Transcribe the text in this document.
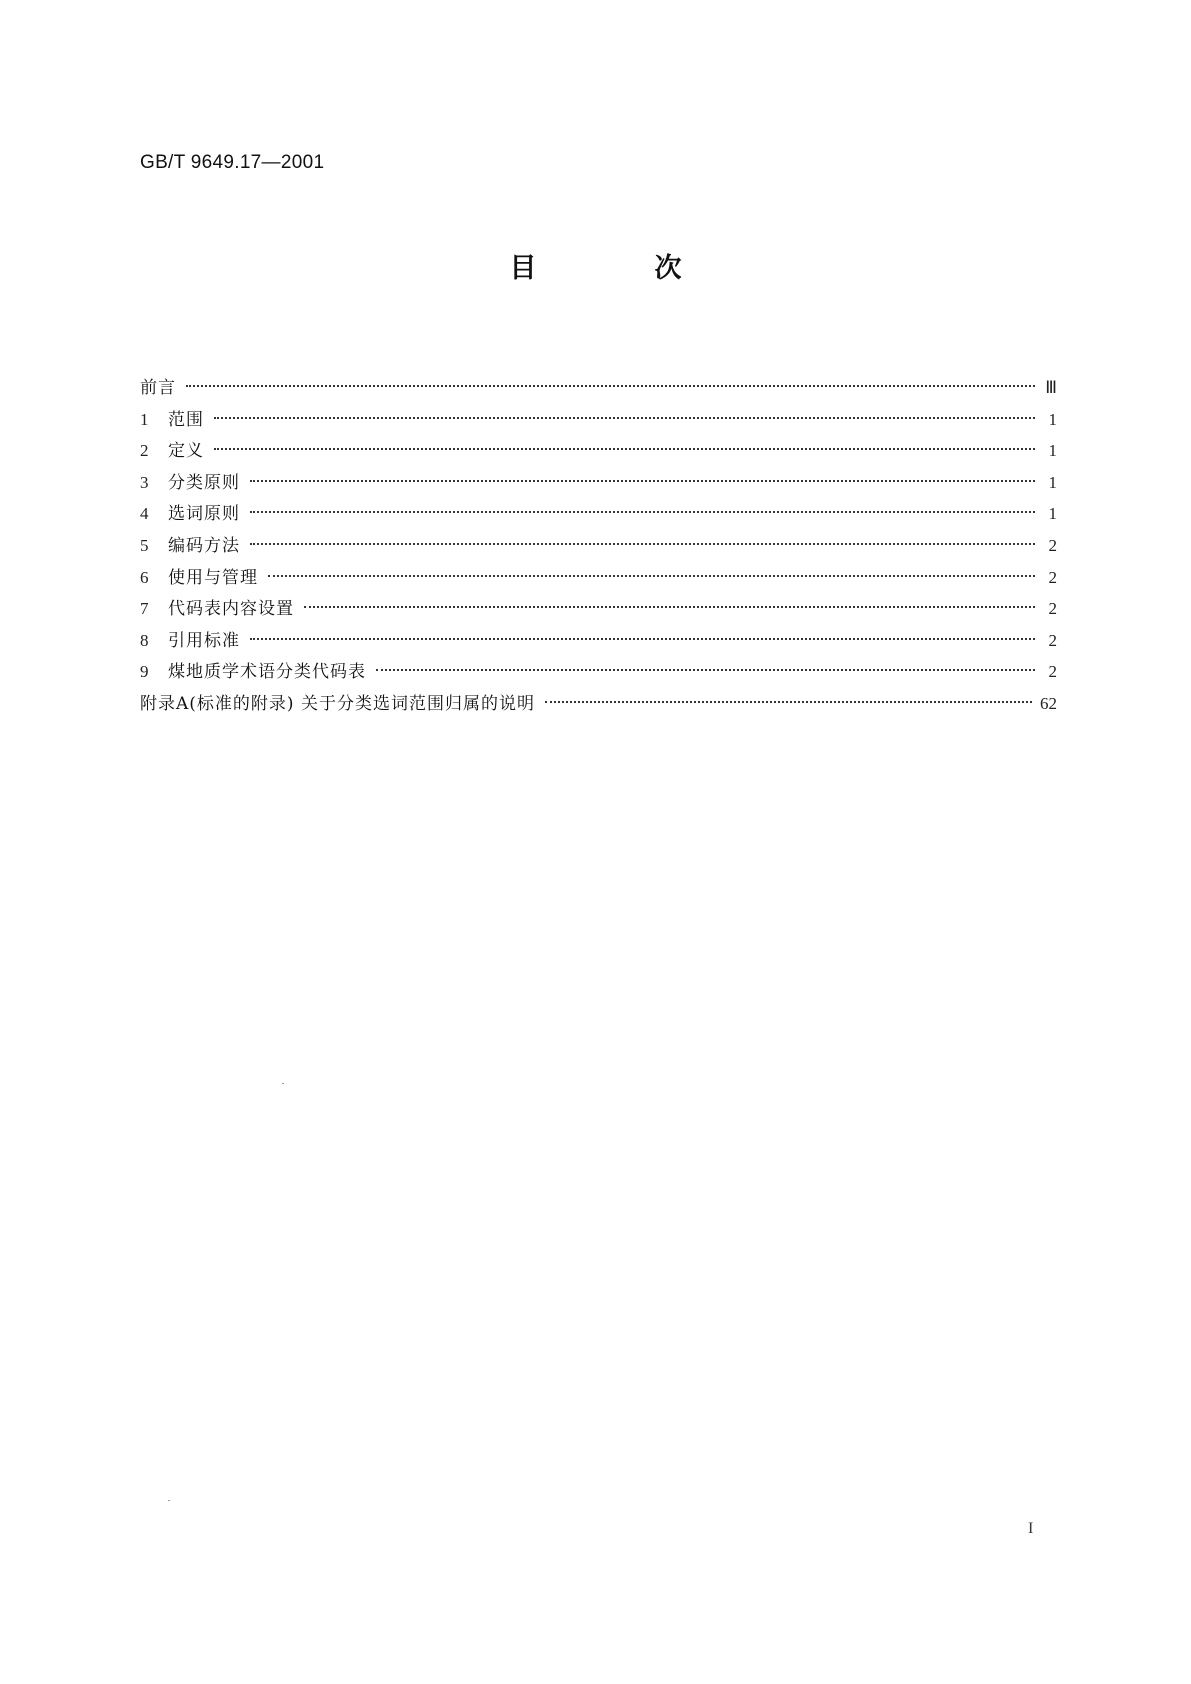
GB/T 9649.17—2001
目	次
前言	Ⅲ
1	范围	1
2	定义	1
3	分类原则	1
4	选词原则	1
5	编码方法	2
6	使用与管理	2
7	代码表内容设置	2
8	引用标准	2
9	煤地质学术语分类代码表	2
附录A(标准的附录) 关于分类选词范围归属的说明	62
I
